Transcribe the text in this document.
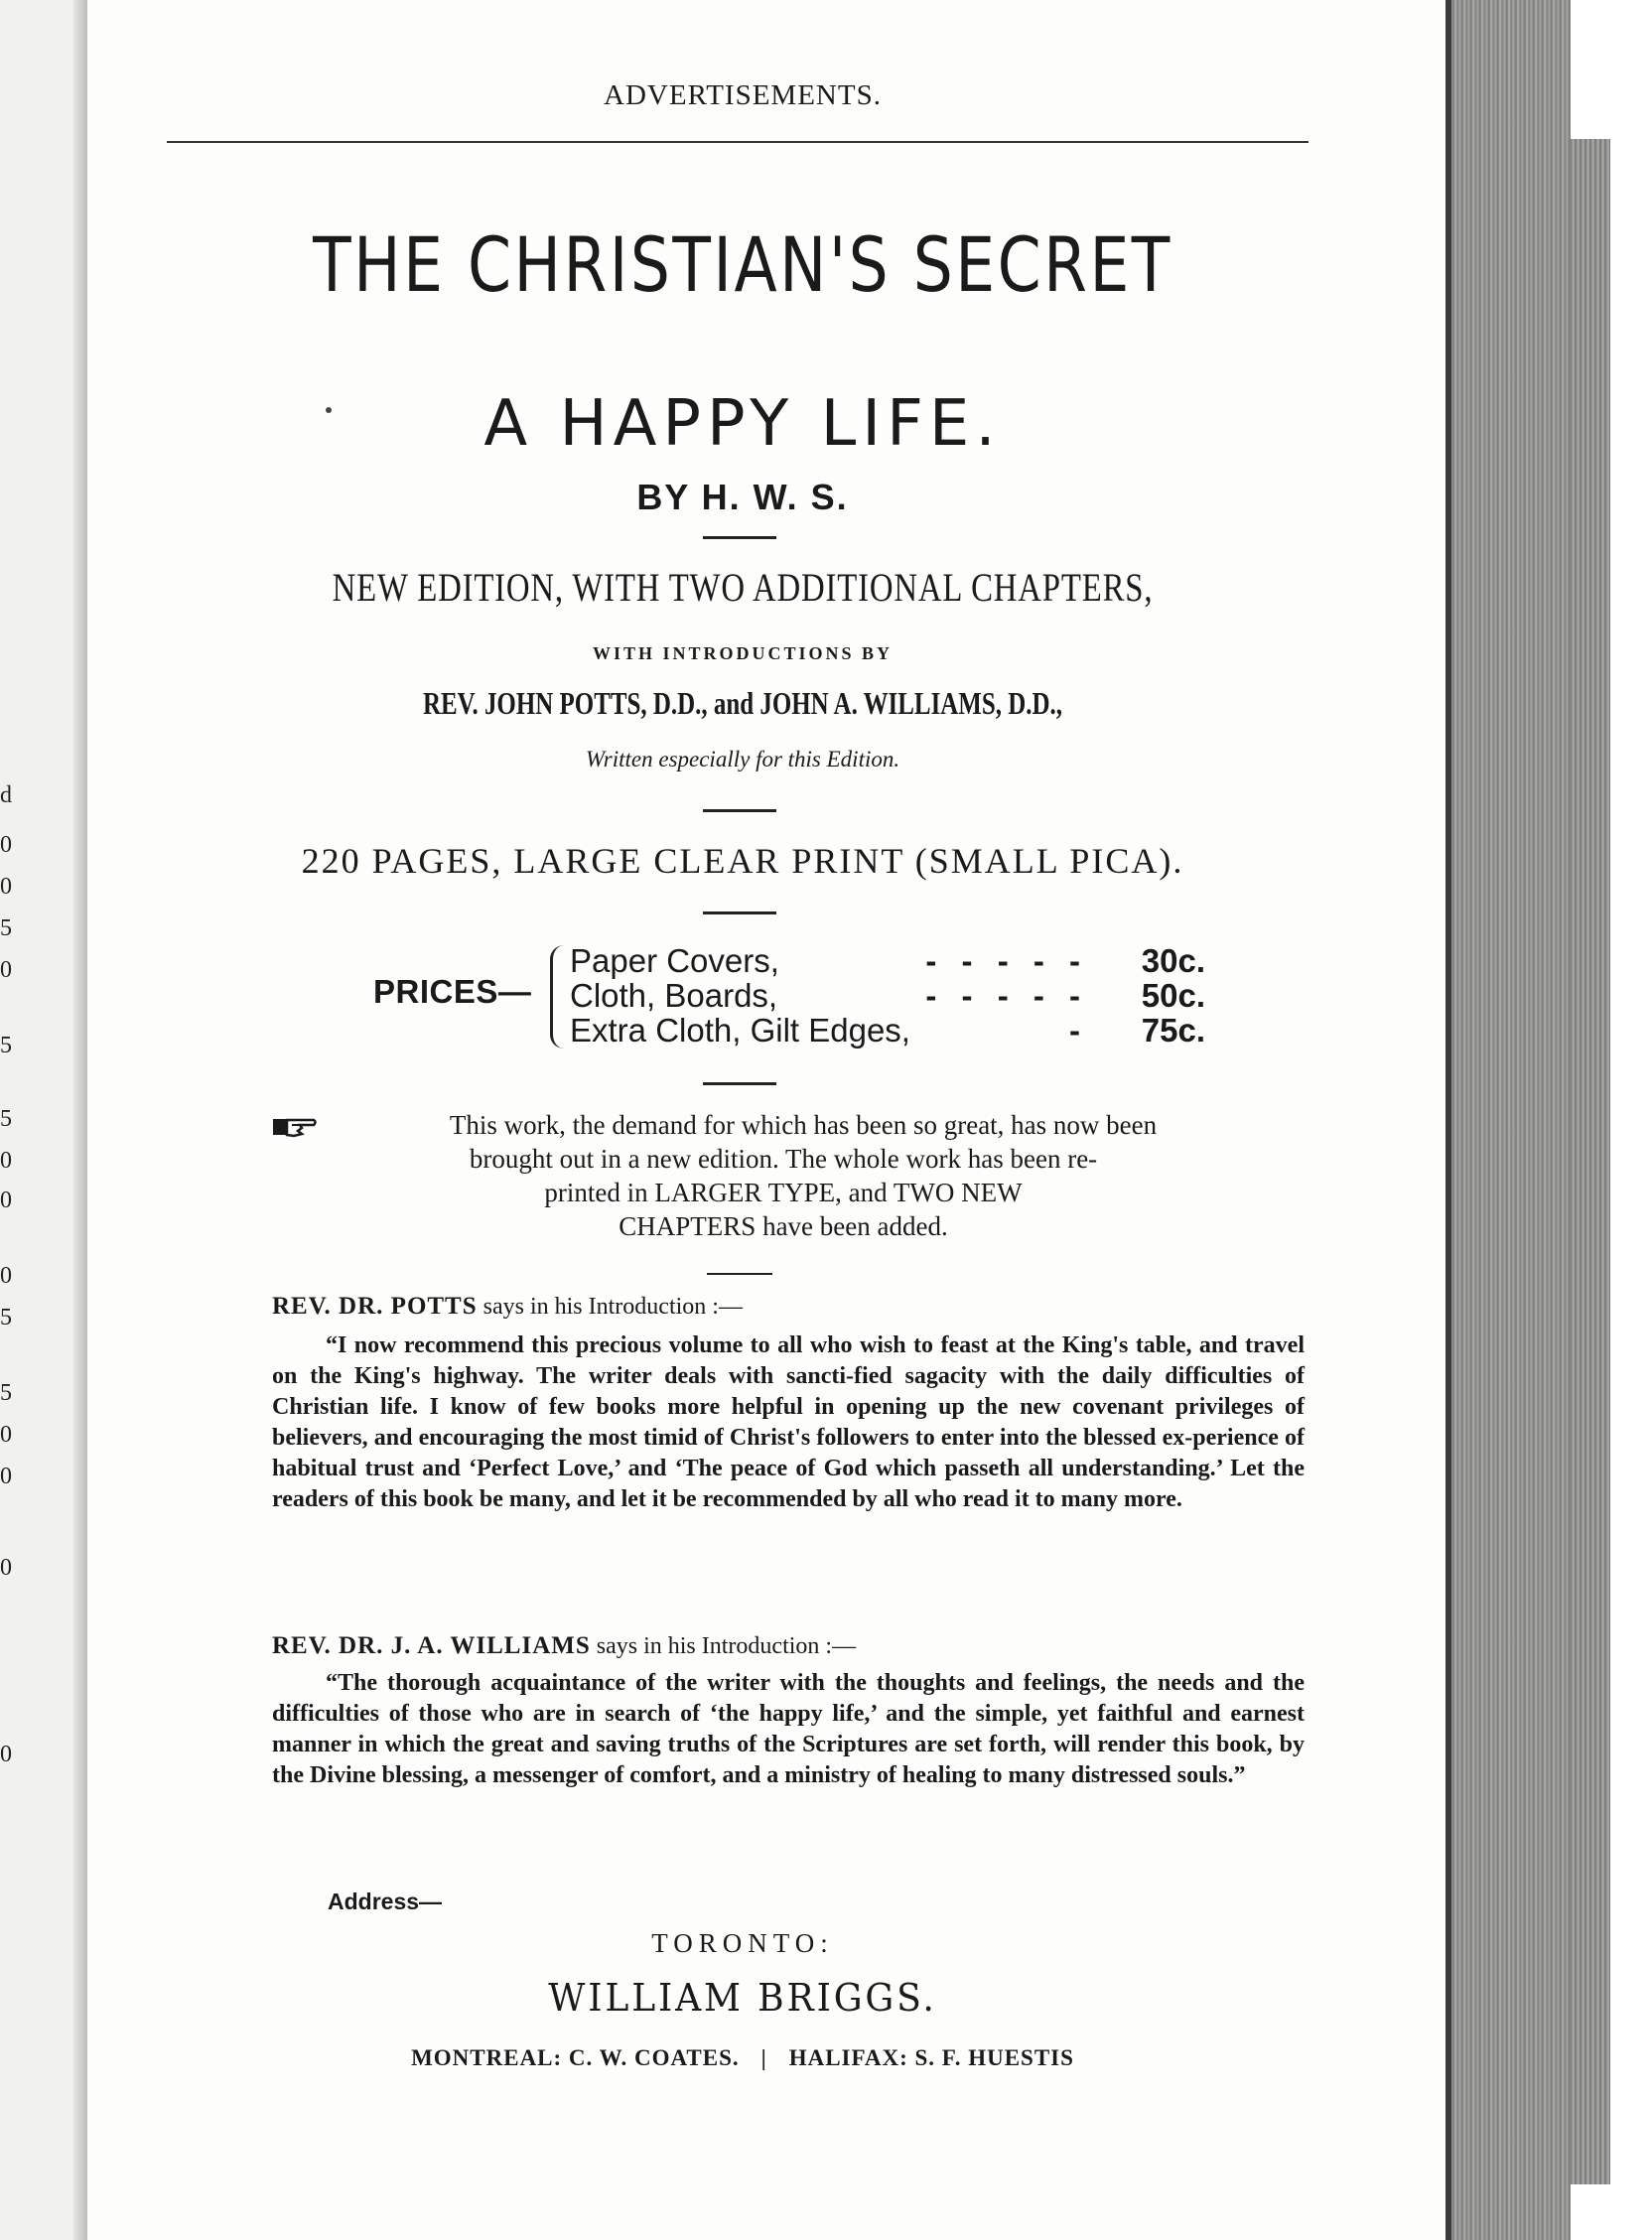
d
0
0
5
0
5
5
0
0
0
5
5
0
0
0
0
ADVERTISEMENTS.
THE CHRISTIAN'S SECRET
A HAPPY LIFE.
BY H. W. S.
NEW EDITION, WITH TWO ADDITIONAL CHAPTERS,
WITH INTRODUCTIONS BY
REV. JOHN POTTS, D.D., and JOHN A. WILLIAMS, D.D.,
Written especially for this Edition.
220 PAGES, LARGE CLEAR PRINT (SMALL PICA).
PRICES—
Paper Covers,	- - - - -	30c.
Cloth, Boards,	- - - - -	50c.
Extra Cloth, Gilt Edges,	-	75c.

This work, the demand for which has been so great, has now been

brought out in a new edition. The whole work has been re-

printed in LARGER TYPE, and TWO NEW

CHAPTERS have been added.

REV. DR. POTTS says in his Introduction :—

“I now recommend this precious volume to all who wish to feast at the King's table, and travel on the King's highway. The writer deals with sancti-fied sagacity with the daily difficulties of Christian life. I know of few books more helpful in opening up the new covenant privileges of believers, and encouraging the most timid of Christ's followers to enter into the blessed ex-perience of habitual trust and ‘Perfect Love,’ and ‘The peace of God which passeth all understanding.’ Let the readers of this book be many, and let it be recommended by all who read it to many more.

REV. DR. J. A. WILLIAMS says in his Introduction :—

“The thorough acquaintance of the writer with the thoughts and feelings, the needs and the difficulties of those who are in search of ‘the happy life,’ and the simple, yet faithful and earnest manner in which the great and saving truths of the Scriptures are set forth, will render this book, by the Divine blessing, a messenger of comfort, and a ministry of healing to many distressed souls.”

Address—
TORONTO:
WILLIAM BRIGGS.
MONTREAL: C. W. COATES. | HALIFAX: S. F. HUESTIS
